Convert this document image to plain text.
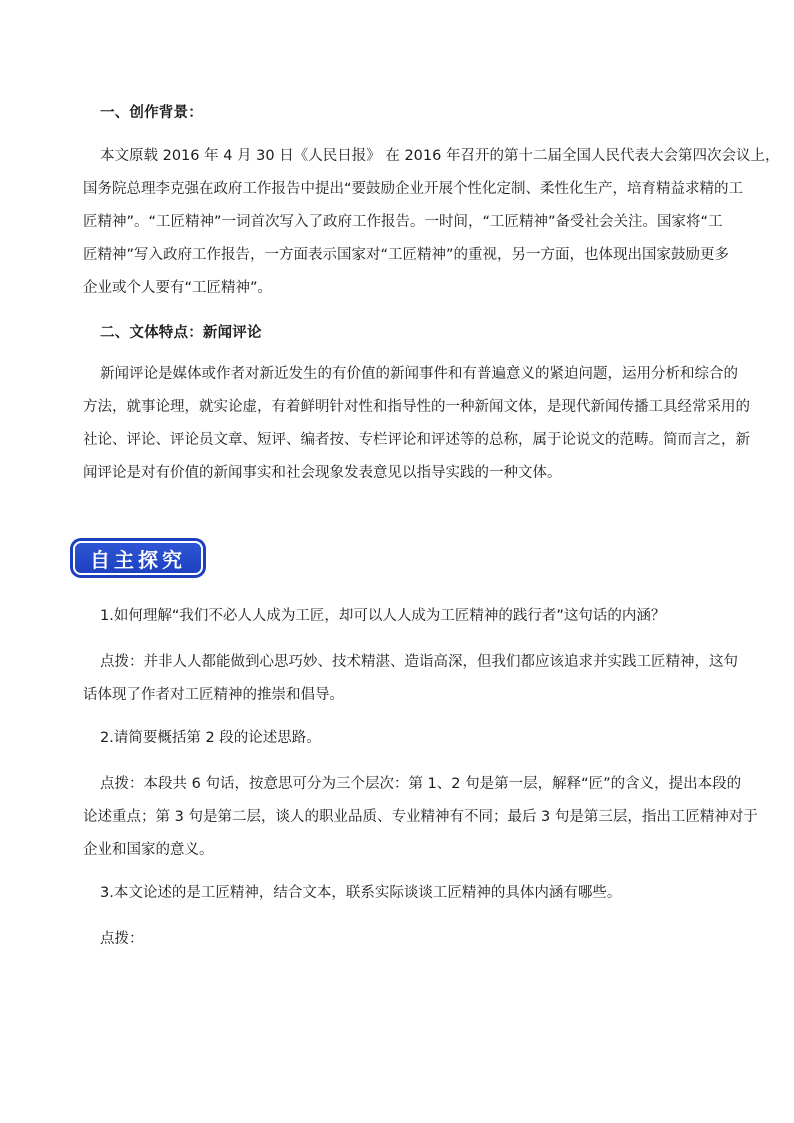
一、创作背景：
本文原载 2016 年 4 月 30 日《人民日报》 在 2016 年召开的第十二届全国人民代表大会第四次会议上，
国务院总理李克强在政府工作报告中提出“要鼓励企业开展个性化定制、柔性化生产，培育精益求精的工
匠精神”。“工匠精神”一词首次写入了政府工作报告。一时间，“工匠精神”备受社会关注。国家将“工
匠精神”写入政府工作报告，一方面表示国家对“工匠精神”的重视，另一方面，也体现出国家鼓励更多
企业或个人要有“工匠精神”。
二、文体特点：新闻评论
新闻评论是媒体或作者对新近发生的有价值的新闻事件和有普遍意义的紧迫问题，运用分析和综合的
方法，就事论理，就实论虚，有着鲜明针对性和指导性的一种新闻文体，是现代新闻传播工具经常采用的
社论、评论、评论员文章、短评、编者按、专栏评论和评述等的总称，属于论说文的范畴。简而言之，新
闻评论是对有价值的新闻事实和社会现象发表意见以指导实践的一种文体。
自主探究
1.如何理解“我们不必人人成为工匠，却可以人人成为工匠精神的践行者”这句话的内涵？
点拨：并非人人都能做到心思巧妙、技术精湛、造诣高深，但我们都应该追求并实践工匠精神，这句
话体现了作者对工匠精神的推崇和倡导。
2.请简要概括第 2 段的论述思路。
点拨：本段共 6 句话，按意思可分为三个层次：第 1、2 句是第一层，解释“匠”的含义，提出本段的
论述重点；第 3 句是第二层，谈人的职业品质、专业精神有不同；最后 3 句是第三层，指出工匠精神对于
企业和国家的意义。
3.本文论述的是工匠精神，结合文本，联系实际谈谈工匠精神的具体内涵有哪些。
点拨：
